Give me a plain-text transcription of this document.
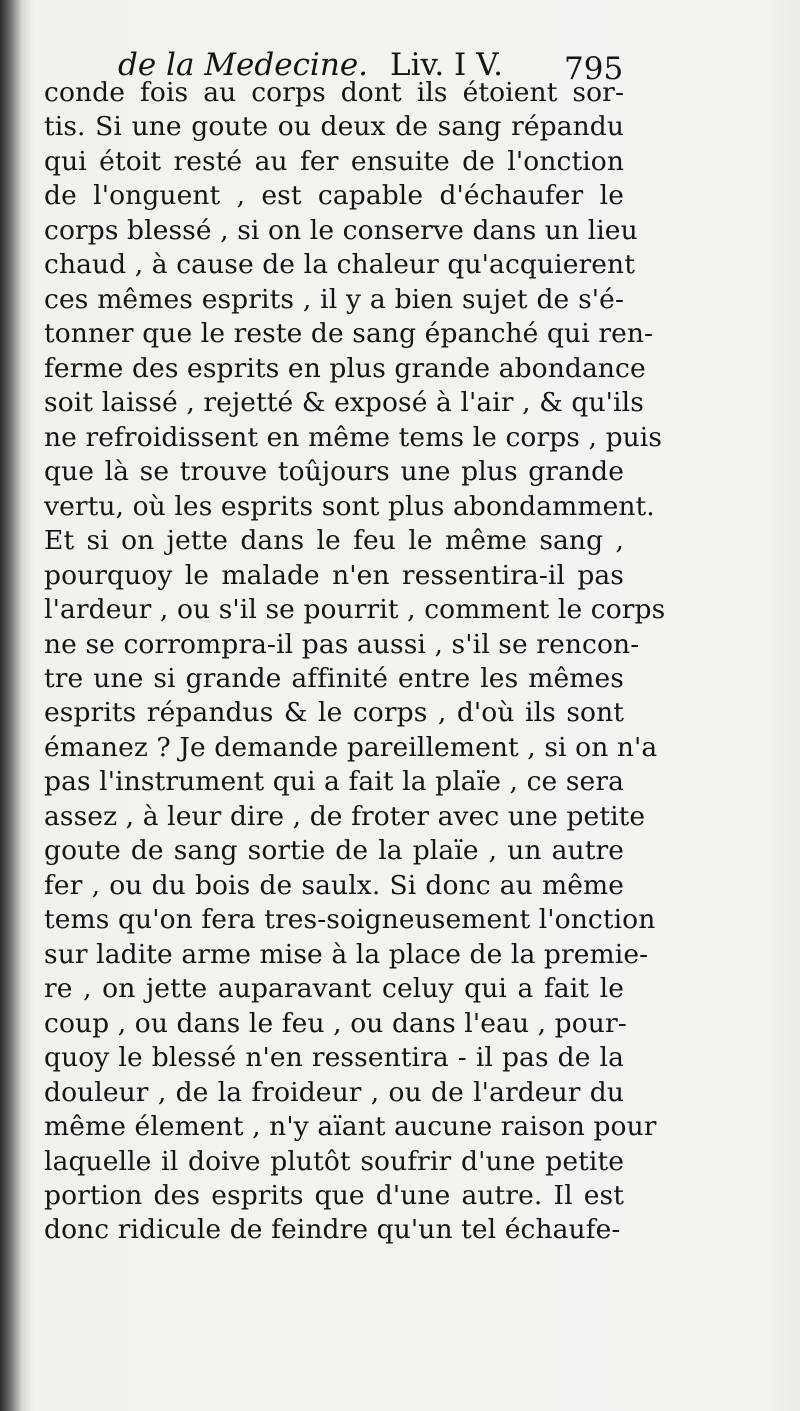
de la Medecine. Liv. I V. 795
conde fois au corps dont ils étoient sor-
tis. Si une goute ou deux de sang répandu
qui étoit resté au fer ensuite de l'onction
de l'onguent , est capable d'échaufer le
corps blessé , si on le conserve dans un lieu
chaud , à cause de la chaleur qu'acquierent
ces mêmes esprits , il y a bien sujet de s'é-
tonner que le reste de sang épanché qui ren-
ferme des esprits en plus grande abondance
soit laissé , rejetté & exposé à l'air , & qu'ils
ne refroidissent en même tems le corps , puis
que là se trouve toûjours une plus grande
vertu, où les esprits sont plus abondamment.
Et si on jette dans le feu le même sang ,
pourquoy le malade n'en ressentira-il pas
l'ardeur , ou s'il se pourrit , comment le corps
ne se corrompra-il pas aussi , s'il se rencon-
tre une si grande affinité entre les mêmes
esprits répandus & le corps , d'où ils sont
émanez ? Je demande pareillement , si on n'a
pas l'instrument qui a fait la plaïe , ce sera
assez , à leur dire , de froter avec une petite
goute de sang sortie de la plaïe , un autre
fer , ou du bois de saulx. Si donc au même
tems qu'on fera tres-soigneusement l'onction
sur ladite arme mise à la place de la premie-
re , on jette auparavant celuy qui a fait le
coup , ou dans le feu , ou dans l'eau , pour-
quoy le blessé n'en ressentira - il pas de la
douleur , de la froideur , ou de l'ardeur du
même élement , n'y aïant aucune raison pour
laquelle il doive plutôt soufrir d'une petite
portion des esprits que d'une autre. Il est
donc ridicule de feindre qu'un tel échaufe-
